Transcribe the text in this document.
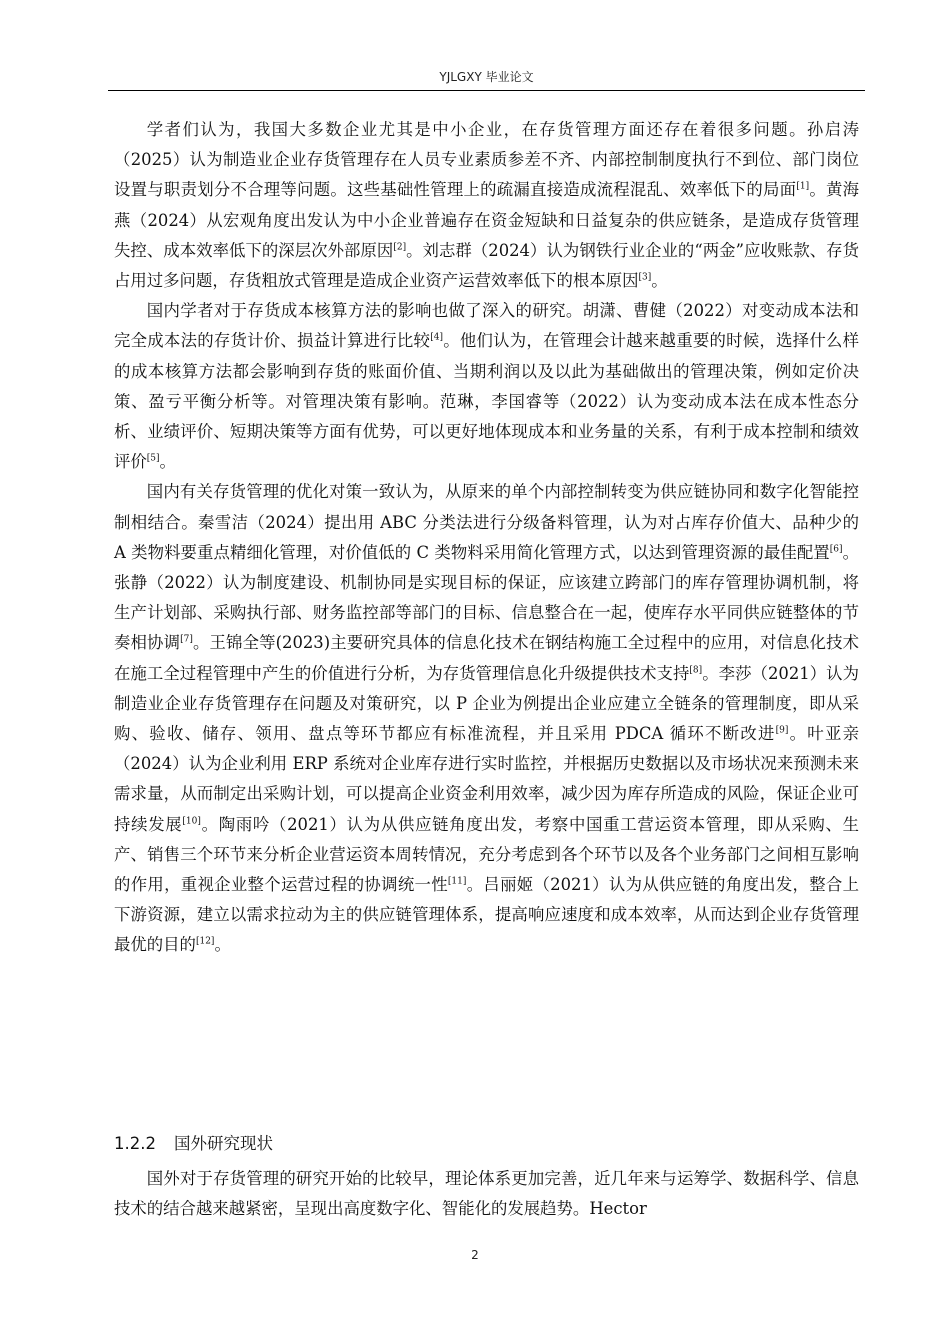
YJLGXY 毕业论文

学者们认为，我国大多数企业尤其是中小企业，在存货管理方面还存在着很多问题。孙启涛（2025）认为制造业企业存货管理存在人员专业素质参差不齐、内部控制制度执行不到位、部门岗位设置与职责划分不合理等问题。这些基础性管理上的疏漏直接造成流程混乱、效率低下的局面[1]。黄海燕（2024）从宏观角度出发认为中小企业普遍存在资金短缺和日益复杂的供应链条，是造成存货管理失控、成本效率低下的深层次外部原因[2]。刘志群（2024）认为钢铁行业企业的“两金”应收账款、存货占用过多问题，存货粗放式管理是造成企业资产运营效率低下的根本原因[3]。

国内学者对于存货成本核算方法的影响也做了深入的研究。胡潇、曹健（2022）对变动成本法和完全成本法的存货计价、损益计算进行比较[4]。他们认为，在管理会计越来越重要的时候，选择什么样的成本核算方法都会影响到存货的账面价值、当期利润以及以此为基础做出的管理决策，例如定价决策、盈亏平衡分析等。对管理决策有影响。范琳，李国睿等（2022）认为变动成本法在成本性态分析、业绩评价、短期决策等方面有优势，可以更好地体现成本和业务量的关系，有利于成本控制和绩效评价[5]。

国内有关存货管理的优化对策一致认为，从原来的单个内部控制转变为供应链协同和数字化智能控制相结合。秦雪洁（2024）提出用 ABC 分类法进行分级备料管理，认为对占库存价值大、品种少的 A 类物料要重点精细化管理，对价值低的 C 类物料采用简化管理方式，以达到管理资源的最佳配置[6]。张静（2022）认为制度建设、机制协同是实现目标的保证，应该建立跨部门的库存管理协调机制，将生产计划部、采购执行部、财务监控部等部门的目标、信息整合在一起，使库存水平同供应链整体的节奏相协调[7]。王锦全等(2023)主要研究具体的信息化技术在钢结构施工全过程中的应用，对信息化技术在施工全过程管理中产生的价值进行分析，为存货管理信息化升级提供技术支持[8]。李莎（2021）认为制造业企业存货管理存在问题及对策研究，以 P 企业为例提出企业应建立全链条的管理制度，即从采购、验收、储存、领用、盘点等环节都应有标准流程，并且采用 PDCA 循环不断改进[9]。叶亚亲（2024）认为企业利用 ERP 系统对企业库存进行实时监控，并根据历史数据以及市场状况来预测未来需求量，从而制定出采购计划，可以提高企业资金利用效率，减少因为库存所造成的风险，保证企业可持续发展[10]。陶雨吟（2021）认为从供应链角度出发，考察中国重工营运资本管理，即从采购、生产、销售三个环节来分析企业营运资本周转情况，充分考虑到各个环节以及各个业务部门之间相互影响的作用，重视企业整个运营过程的协调统一性[11]。吕丽姬（2021）认为从供应链的角度出发，整合上下游资源，建立以需求拉动为主的供应链管理体系，提高响应速度和成本效率，从而达到企业存货管理最优的目的[12]。

1.2.2 国外研究现状

国外对于存货管理的研究开始的比较早，理论体系更加完善，近几年来与运筹学、数据科学、信息技术的结合越来越紧密，呈现出高度数字化、智能化的发展趋势。Hector

2
